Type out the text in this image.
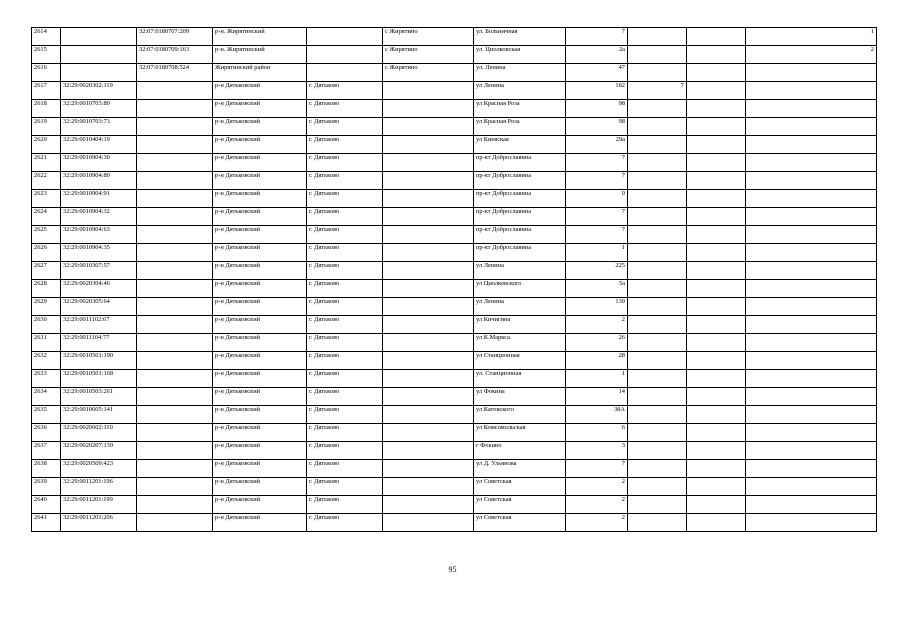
2614		32:07:0180707:209	р-н. Жирятинский		с Жирятино	ул. Больничная	7			1
2615		32:07:0180709:163	р-н. Жирятинский		с Жирятино	ул. Циолковская	2а			2
2616		32:07:0180708:524	Жирятинский район		с Жирятино	ул. Ленина	47			
2617	32:29:0020302:119		р-н Дятьковский	г. Дятьково		ул Ленина	182	7		
2618	32:29:0010703:80		р-н Дятьковский	г. Дятьково		ул Красная Роза	98			
2619	32:29:0010703:73		р-н Дятьковский	г. Дятьково		ул Красная Роза	98			
2620	32:29:0010404:19		р-н Дятьковский	г. Дятьково		ул Киевская	29а			
2621	32:29:0010904:30		р-н Дятьковский	г. Дятьково		пр-кт Доброславина	7			
2622	32:29:0010904:80		р-н Дятьковский	г. Дятьково		пр-кт Доброславина	7			
2623	32:29:0010904:91		р-н Дятьковский	г. Дятьково		пр-кт Доброславина	9			
2624	32:29:0010904:32		р-н Дятьковский	г. Дятьково		пр-кт Доброславина	7			
2625	32:29:0010904:63		р-н Дятьковский	г. Дятьково		пр-кт Доброславина	7			
2626	32:29:0010904:35		р-н Дятьковский	г. Дятьково		пр-кт Доброславина	1			
2627	32:29:0010307:57		р-н Дятьковский	г. Дятьково		ул Ленина	225			
2628	32:29:0020304:46		р-н Дятьковский	г. Дятьково		ул Циолковского	5а			
2629	32:29:0020305:64		р-н Дятьковский	г. Дятьково		ул Ленина	139			
2630	32:29:0011102:67		р-н Дятьковский	г. Дятьково		ул Кичигина	2			
2631	32:29:0011104:77		р-н Дятьковский	г. Дятьково		ул К.Маркса	26			
2632	32:29:0010501:190		р-н Дятьковский	г. Дятьково		ул Станционная	28			
2633	32:29:0010501:168		р-н Дятьковский	г. Дятьково		ул. Станционная	1			
2634	32:29:0010503:261		р-н Дятьковский	г. Дятьково		ул Фокина	14			
2635	32:29:0010605:141		р-н Дятьковский	г. Дятьково		ул Катовского	38А			
2636	32:29:0020602:110		р-н Дятьковский	г. Дятьково		ул Комсомольская	6			
2637	32:29:0020207:139		р-н Дятьковский	г. Дятьково		г Фокино	3			
2638	32:29:0020509:423		р-н Дятьковский	г. Дятьково		ул Д. Ульянова	7			
2639	32:29:0011201:196		р-н Дятьковский	г. Дятьково		ул Советская	2			
2640	32:29:0011201:199		р-н Дятьковский	г. Дятьково		ул Советская	2			
2641	32:29:0011203:206		р-н Дятьковский	г. Дятьково		ул Советская	2			
95
